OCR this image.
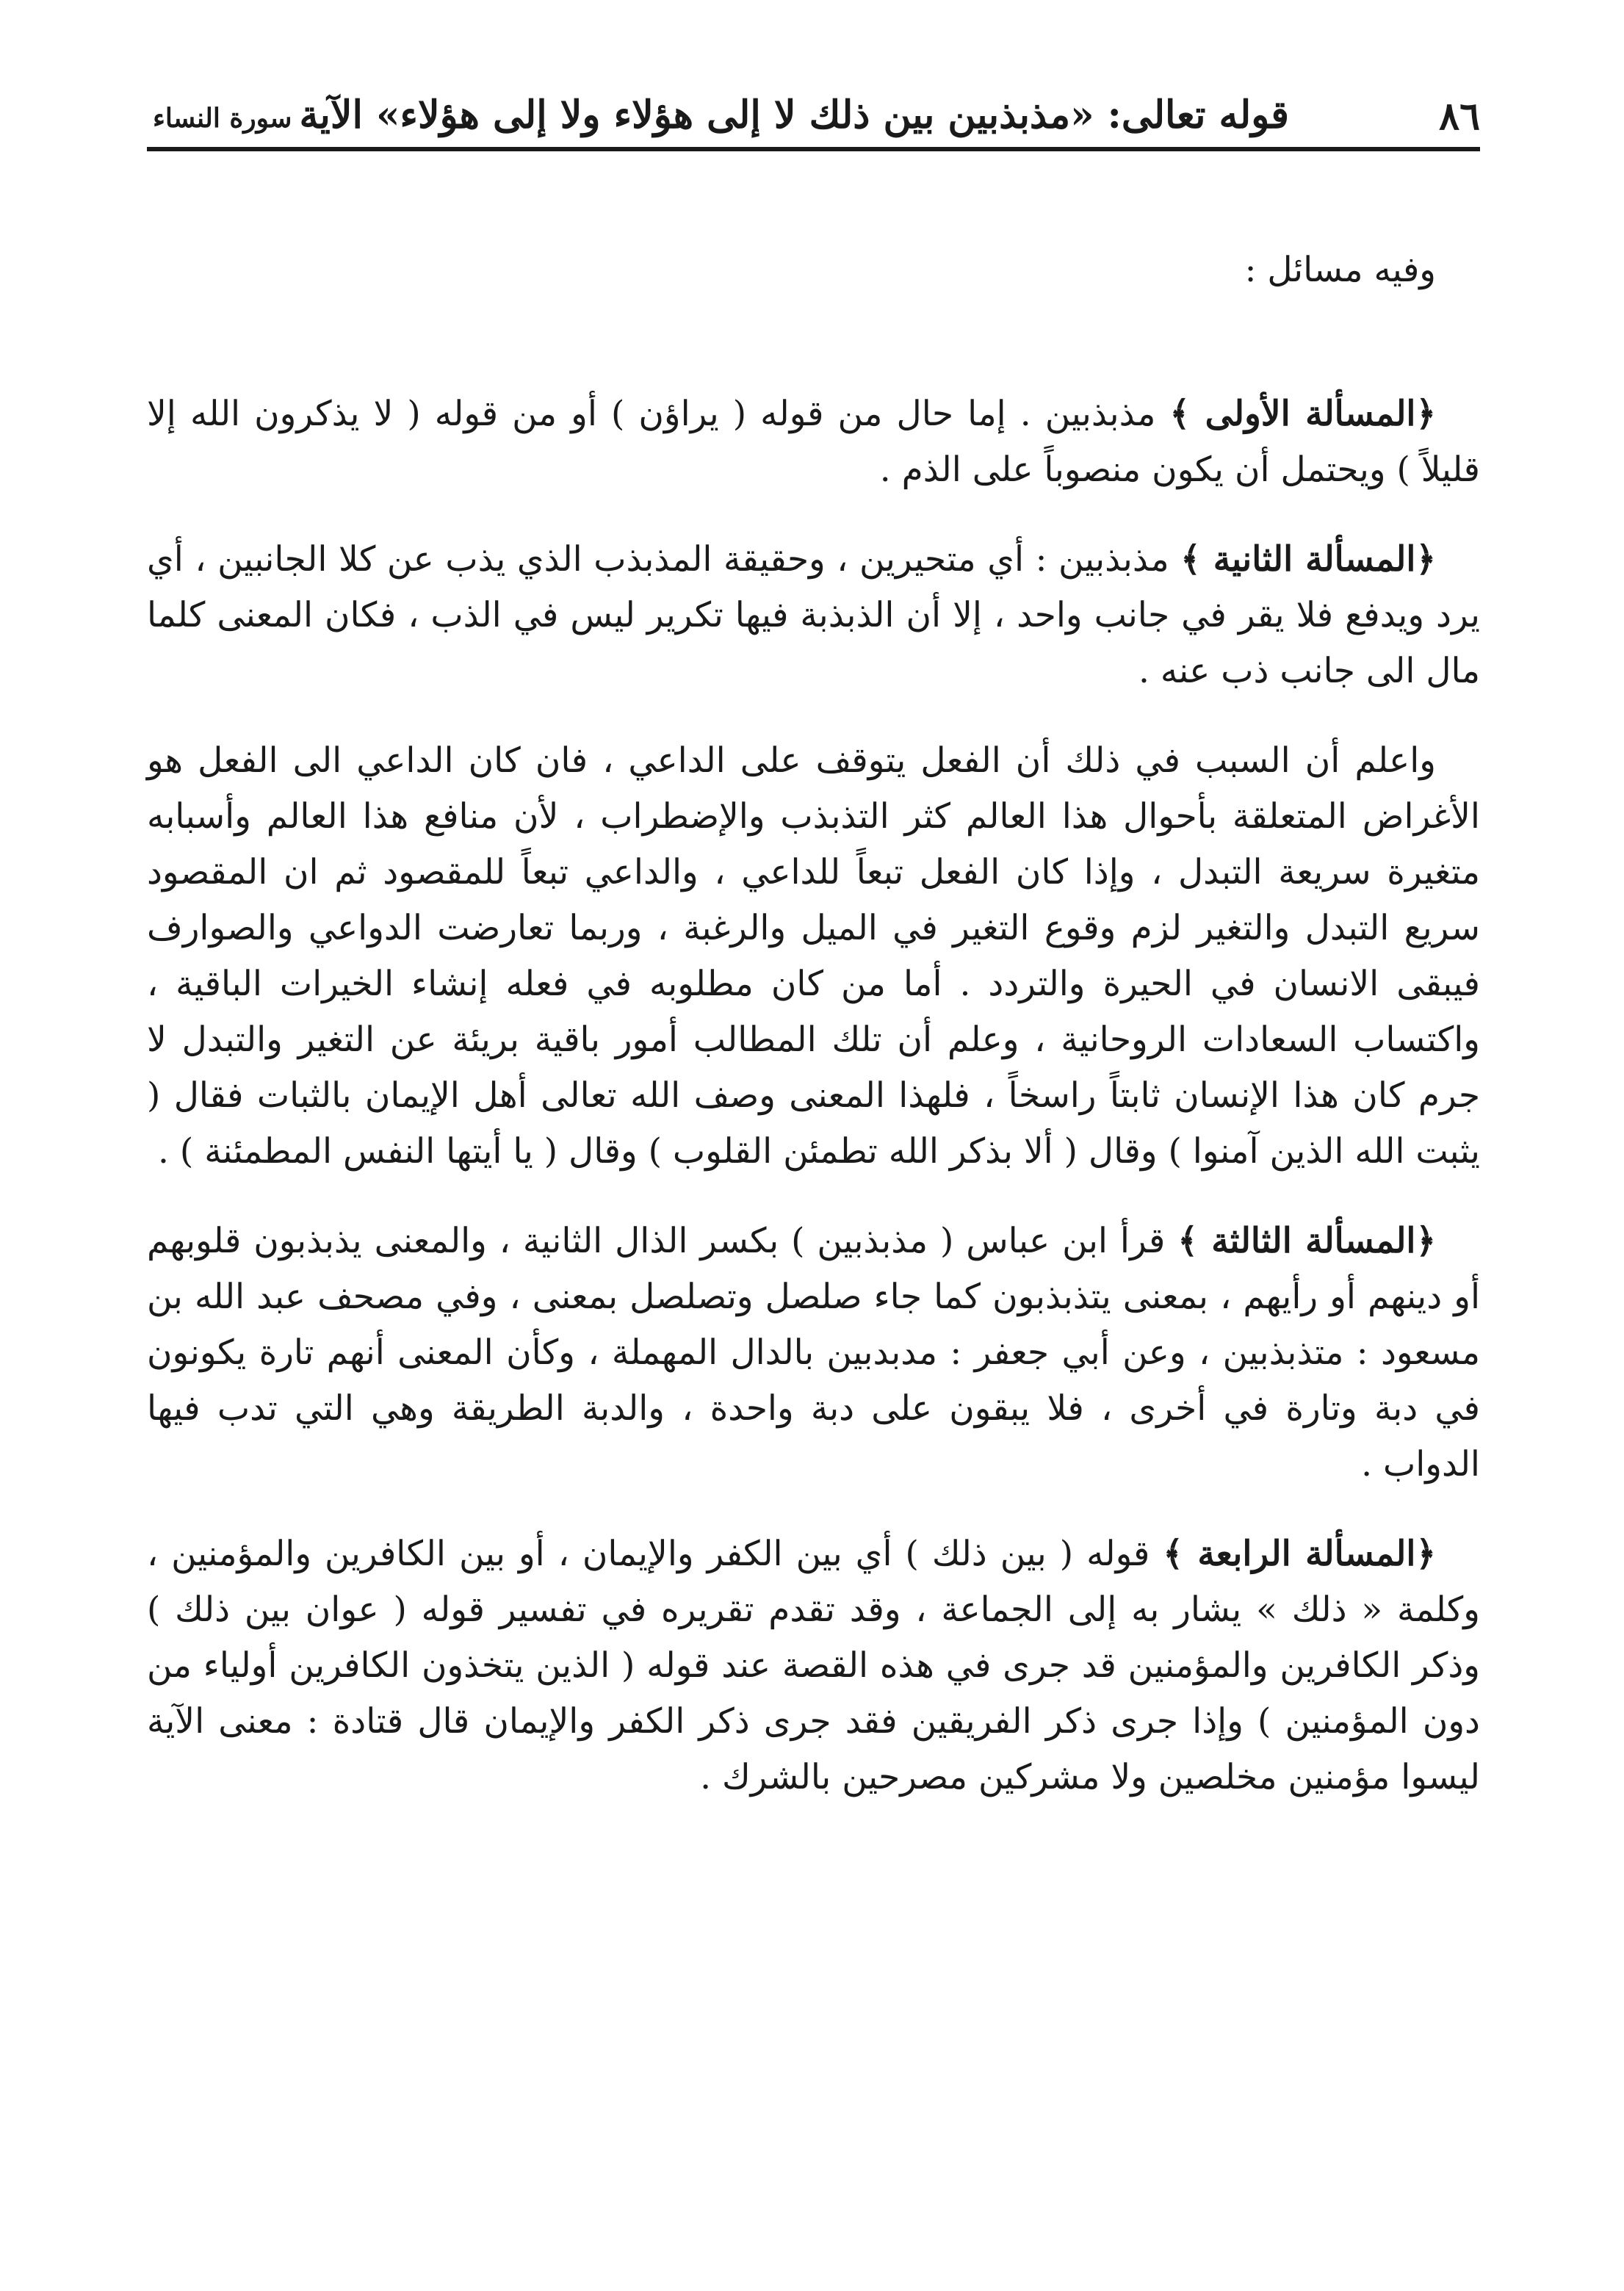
٨٦
قوله تعالى: «مذبذبين بين ذلك لا إلى هؤلاء ولا إلى هؤلاء» الآية
سورة النساء

وفيه مسائل :

﴿ المسألة الأولى ﴾ مذبذبين . إما حال من قوله ( يراؤن ) أو من قوله ( لا يذكرون الله إلا قليلاً ) ويحتمل أن يكون منصوباً على الذم .

﴿ المسألة الثانية ﴾ مذبذبين : أي متحيرين ، وحقيقة المذبذب الذي يذب عن كلا الجانبين ، أي يرد ويدفع فلا يقر في جانب واحد ، إلا أن الذبذبة فيها تكرير ليس في الذب ، فكان المعنى كلما مال الى جانب ذب عنه .

واعلم أن السبب في ذلك أن الفعل يتوقف على الداعي ، فان كان الداعي الى الفعل هو الأغراض المتعلقة بأحوال هذا العالم كثر التذبذب والإضطراب ، لأن منافع هذا العالم وأسبابه متغيرة سريعة التبدل ، وإذا كان الفعل تبعاً للداعي ، والداعي تبعاً للمقصود ثم ان المقصود سريع التبدل والتغير لزم وقوع التغير في الميل والرغبة ، وربما تعارضت الدواعي والصوارف فيبقى الانسان في الحيرة والتردد . أما من كان مطلوبه في فعله إنشاء الخيرات الباقية ، واكتساب السعادات الروحانية ، وعلم أن تلك المطالب أمور باقية بريئة عن التغير والتبدل لا جرم كان هذا الإنسان ثابتاً راسخاً ، فلهذا المعنى وصف الله تعالى أهل الإيمان بالثبات فقال ( يثبت الله الذين آمنوا ) وقال ( ألا بذكر الله تطمئن القلوب ) وقال ( يا أيتها النفس المطمئنة ) .

﴿ المسألة الثالثة ﴾ قرأ ابن عباس ( مذبذبين ) بكسر الذال الثانية ، والمعنى يذبذبون قلوبهم أو دينهم أو رأيهم ، بمعنى يتذبذبون كما جاء صلصل وتصلصل بمعنى ، وفي مصحف عبد الله بن مسعود : متذبذبين ، وعن أبي جعفر : مدبدبين بالدال المهملة ، وكأن المعنى أنهم تارة يكونون في دبة وتارة في أخرى ، فلا يبقون على دبة واحدة ، والدبة الطريقة وهي التي تدب فيها الدواب .

﴿ المسألة الرابعة ﴾ قوله ( بين ذلك ) أي بين الكفر والإيمان ، أو بين الكافرين والمؤمنين ، وكلمة « ذلك » يشار به إلى الجماعة ، وقد تقدم تقريره في تفسير قوله ( عوان بين ذلك ) وذكر الكافرين والمؤمنين قد جرى في هذه القصة عند قوله ( الذين يتخذون الكافرين أولياء من دون المؤمنين ) وإذا جرى ذكر الفريقين فقد جرى ذكر الكفر والإيمان قال قتادة : معنى الآية ليسوا مؤمنين مخلصين ولا مشركين مصرحين بالشرك .
